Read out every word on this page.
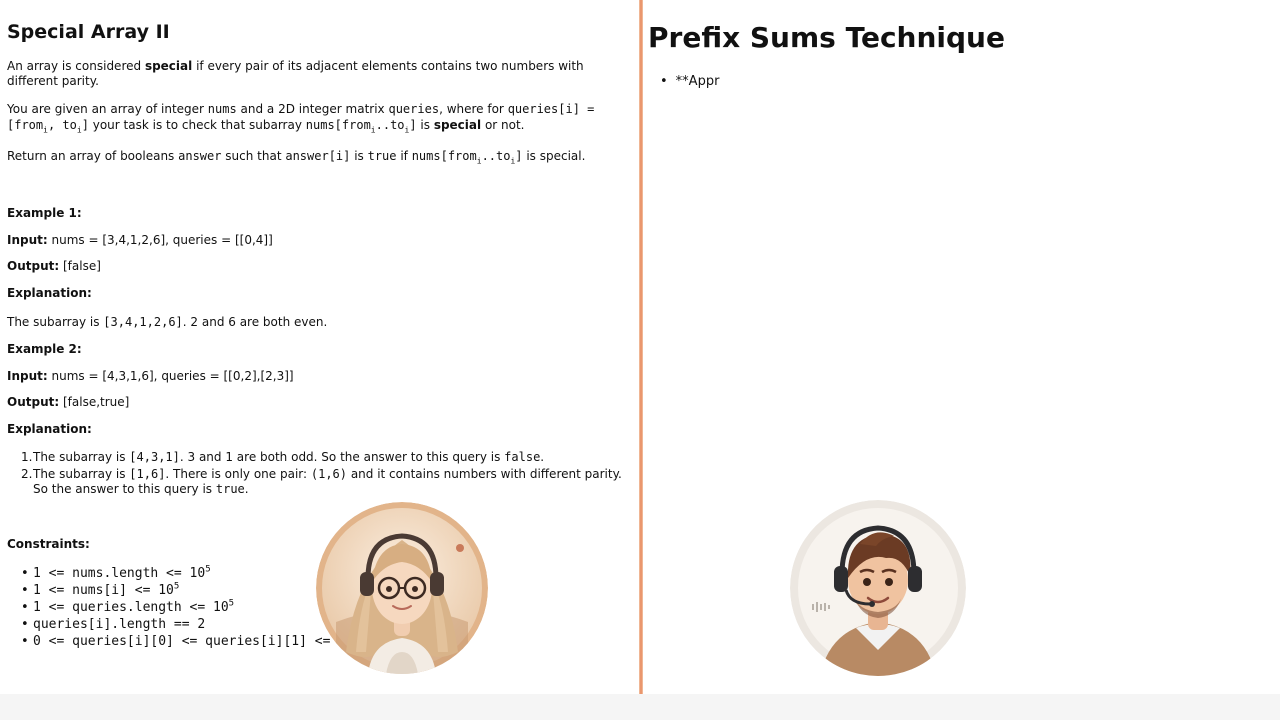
Special Array II

An array is considered special if every pair of its adjacent elements contains two numbers with different parity.

You are given an array of integer nums and a 2D integer matrix queries, where for queries[i] = [from$_i$, $to_i$] your task is to check that subarray $nums[from_i..to_i]$ is special or not.

Return an array of booleans answer such that answer[i] is true if $nums[from_i..to_i]$ is special.

Example 1:

Input: nums = [3,4,1,2,6], queries = [[0,4]]

Output: [false]

Explanation:

The subarray is [3,4,1,2,6]. 2 and 6 are both even.

Example 2:

Input: nums = [4,3,1,6], queries = [[0,2],[2,3]]

Output: [false,true]

Explanation:

1. The subarray is [4,3,1]. 3 and 1 are both odd. So the answer to this query is false.
2. The subarray is [1,6]. There is only one pair: (1,6) and it contains numbers with different parity. So the answer to this query is true.

Constraints:

• 1 <= nums.length <= $10^5$
• 1 <= nums[i] <= $10^5$
• 1 <= queries.length <= $10^5$
• queries[i].length == 2
• 0 <= queries[i][0] <= queries[i][1] <=
Prefix Sums Technique
• **Appr
